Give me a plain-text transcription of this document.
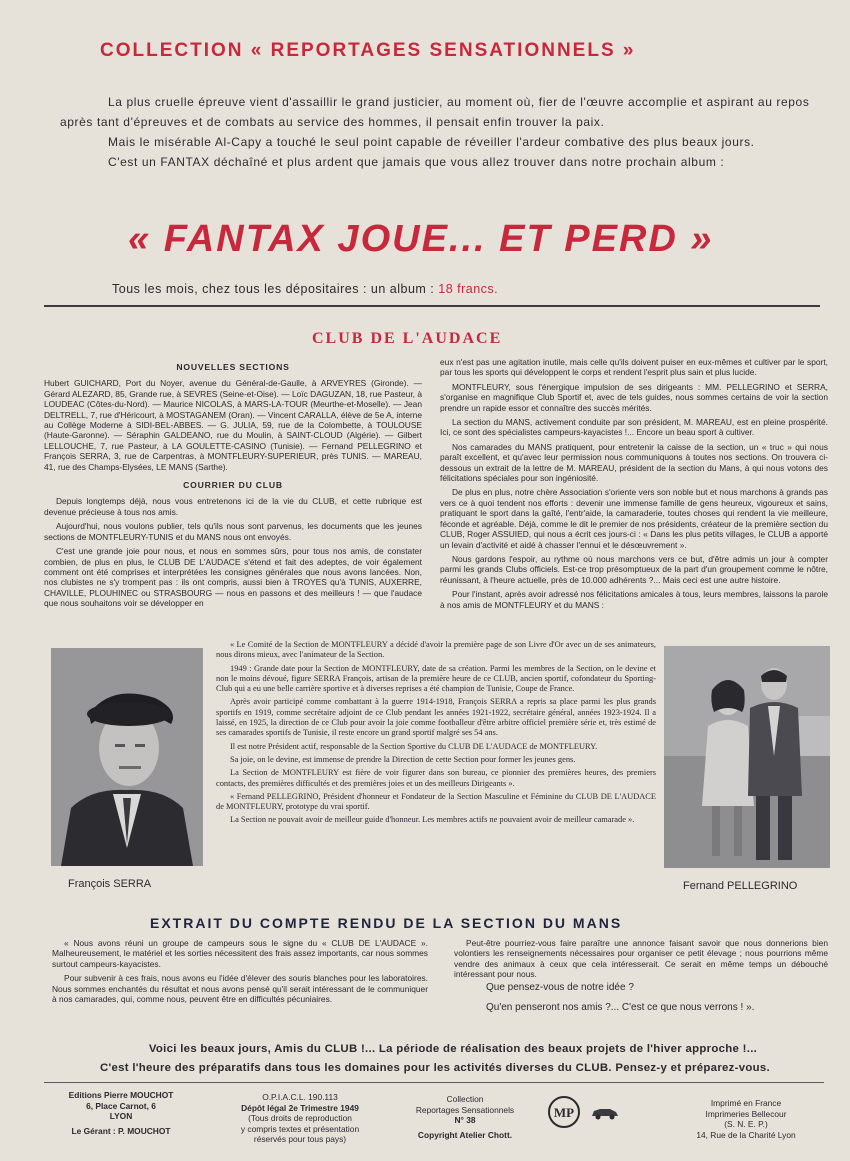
COLLECTION « REPORTAGES SENSATIONNELS »

La plus cruelle épreuve vient d'assaillir le grand justicier, au moment où, fier de l'œuvre accomplie et aspirant au repos après tant d'épreuves et de combats au service des hommes, il pensait enfin trouver la paix.

Mais le misérable Al-Capy a touché le seul point capable de réveiller l'ardeur combative des plus beaux jours.

C'est un FANTAX déchaîné et plus ardent que jamais que vous allez trouver dans notre prochain album :

« FANTAX JOUE... ET PERD »
Tous les mois, chez tous les dépositaires : un album : 18 francs.
CLUB DE L'AUDACE
NOUVELLES SECTIONS

Hubert GUICHARD, Port du Noyer, avenue du Général-de-Gaulle, à ARVEYRES (Gironde). — Gérard ALEZARD, 85, Grande rue, à SEVRES (Seine-et-Oise). — Loïc DAGUZAN, 18, rue Pasteur, à LOUDEAC (Côtes-du-Nord). — Maurice NICOLAS, à MARS-LA-TOUR (Meurthe-et-Moselle). — Jean DELTRELL, 7, rue d'Héricourt, à MOSTAGANEM (Oran). — Vincent CARALLA, élève de 5e A, interne au Collège Moderne à SIDI-BEL-ABBES. — G. JULIA, 59, rue de la Colombette, à TOULOUSE (Haute-Garonne). — Séraphin GALDEANO, rue du Moulin, à SAINT-CLOUD (Algérie). — Gilbert LELLOUCHE, 7, rue Pasteur, à LA GOULETTE-CASINO (Tunisie). — Fernand PELLEGRINO et François SERRA, 3, rue de Carpentras, à MONTFLEURY-SUPERIEUR, près TUNIS. — MAREAU, 41, rue des Champs-Elysées, LE MANS (Sarthe).

COURRIER DU CLUB

Depuis longtemps déjà, nous vous entretenons ici de la vie du CLUB, et cette rubrique est devenue précieuse à tous nos amis.

Aujourd'hui, nous voulons publier, tels qu'ils nous sont parvenus, les documents que les jeunes sections de MONTFLEURY-TUNIS et du MANS nous ont envoyés.

C'est une grande joie pour nous, et nous en sommes sûrs, pour tous nos amis, de constater combien, de plus en plus, le CLUB DE L'AUDACE s'étend et fait des adeptes, de voir également comment ont été comprises et interprétées les consignes générales que nous avons lancées. Non, nos clubistes ne s'y trompent pas : ils ont compris, aussi bien à TROYES qu'à TUNIS, AUXERRE, CHAVILLE, PLOUHINEC ou STRASBOURG — nous en passons et des meilleurs ! — que l'audace que nous souhaitons voir se développer en

eux n'est pas une agitation inutile, mais celle qu'ils doivent puiser en eux-mêmes et cultiver par le sport, par tous les sports qui développent le corps et rendent l'esprit plus sain et plus lucide.

MONTFLEURY, sous l'énergique impulsion de ses dirigeants : MM. PELLEGRINO et SERRA, s'organise en magnifique Club Sportif et, avec de tels guides, nous sommes certains de voir la section prendre un rapide essor et connaître des succès mérités.

La section du MANS, activement conduite par son président, M. MAREAU, est en pleine prospérité. Ici, ce sont des spécialistes campeurs-kayacistes !... Encore un beau sport à cultiver.

Nos camarades du MANS pratiquent, pour entretenir la caisse de la section, un « truc » qui nous paraît excellent, et qu'avec leur permission nous communiquons à toutes nos sections. On trouvera ci-dessous un extrait de la lettre de M. MAREAU, président de la section du Mans, à qui nous votons des félicitations spéciales pour son ingéniosité.

De plus en plus, notre chère Association s'oriente vers son noble but et nous marchons à grands pas vers ce à quoi tendent nos efforts : devenir une immense famille de gens heureux, vigoureux et sains, pratiquant le sport dans la gaîté, l'entr'aide, la camaraderie, toutes choses qui rendent la vie meilleure, féconde et agréable. Déjà, comme le dit le premier de nos présidents, créateur de la première section du CLUB, Roger ASSUIED, qui nous a écrit ces jours-ci : « Dans les plus petits villages, le CLUB a apporté un levain d'activité et aidé à chasser l'ennui et le désœuvrement ».

Nous gardons l'espoir, au rythme où nous marchons vers ce but, d'être admis un jour à compter parmi les grands Clubs officiels. Est-ce trop présomptueux de la part d'un groupement comme le nôtre, réunissant, à l'heure actuelle, près de 10.000 adhérents ?... Mais ceci est une autre histoire.

Pour l'instant, après avoir adressé nos félicitations amicales à tous, leurs membres, laissons la parole à nos amis de MONTFLEURY et du MANS :

François SERRA	Fernand PELLEGRINO

« Le Comité de la Section de MONTFLEURY a décidé d'avoir la première page de son Livre d'Or avec un de ses animateurs, nous dirons mieux, avec l'animateur de la Section.

1949 : Grande date pour la Section de MONTFLEURY, date de sa création. Parmi les membres de la Section, on le devine et non le moins dévoué, figure SERRA François, artisan de la première heure de ce CLUB, ancien sportif, cofondateur du Sporting-Club qui a eu une belle carrière sportive et à diverses reprises a été champion de Tunisie, Coupe de France.

Après avoir participé comme combattant à la guerre 1914-1918, François SERRA a repris sa place parmi les plus grands sportifs en 1919, comme secrétaire adjoint de ce Club pendant les années 1921-1922, secrétaire général, années 1923-1924. Il a laissé, en 1925, la direction de ce Club pour avoir la joie comme footballeur d'être arbitre officiel première série et, très estimé de ses camarades sportifs de Tunisie, il reste encore un grand sportif malgré ses 54 ans.

Il est notre Président actif, responsable de la Section Sportive du CLUB DE L'AUDACE de MONTFLEURY.

Sa joie, on le devine, est immense de prendre la Direction de cette Section pour former les jeunes gens.

La Section de MONTFLEURY est fière de voir figurer dans son bureau, ce pionnier des premières heures, des premiers contacts, des premières difficultés et des premières joies et un des meilleurs Dirigeants ».

« Fernand PELLEGRINO, Président d'honneur et Fondateur de la Section Masculine et Féminine du CLUB DE L'AUDACE de MONTFLEURY, prototype du vrai sportif.

La Section ne pouvait avoir de meilleur guide d'honneur. Les membres actifs ne pouvaient avoir de meilleur camarade ».

EXTRAIT DU COMPTE RENDU DE LA SECTION DU MANS

« Nous avons réuni un groupe de campeurs sous le signe du « CLUB DE L'AUDACE ». Malheureusement, le matériel et les sorties nécessitent des frais assez importants, car nous sommes surtout campeurs-kayacistes.

Pour subvenir à ces frais, nous avons eu l'idée d'élever des souris blanches pour les laboratoires. Nous sommes enchantés du résultat et nous avons pensé qu'il serait intéressant de le communiquer à nos camarades, qui, comme nous, peuvent être en difficultés pécuniaires.

Peut-être pourriez-vous faire paraître une annonce faisant savoir que nous donnerions bien volontiers les renseignements nécessaires pour organiser ce petit élevage ; nous pourrions même vendre des animaux à ceux que cela intéresserait. Ce serait en même temps un débouché intéressant pour nous.

Que pensez-vous de notre idée ?
Qu'en penseront nos amis ?... C'est ce que nous verrons ! ».
Voici les beaux jours, Amis du CLUB !... La période de réalisation des beaux projets de l'hiver approche !...
C'est l'heure des préparatifs dans tous les domaines pour les activités diverses du CLUB. Pensez-y et préparez-vous.
Editions Pierre MOUCHOT
6, Place Carnot, 6
LYON
Le Gérant : P. MOUCHOT
O.P.I.A.C.L. 190.113
Dépôt légal 2e Trimestre 1949
(Tous droits de reproduction
y compris textes et présentation
réservés pour tous pays)
Collection
Reportages Sensationnels
N° 38
Copyright Atelier Chott.
MP
Imprimé en France
Imprimeries Bellecour
(S. N. E. P.)
14, Rue de la Charité Lyon
